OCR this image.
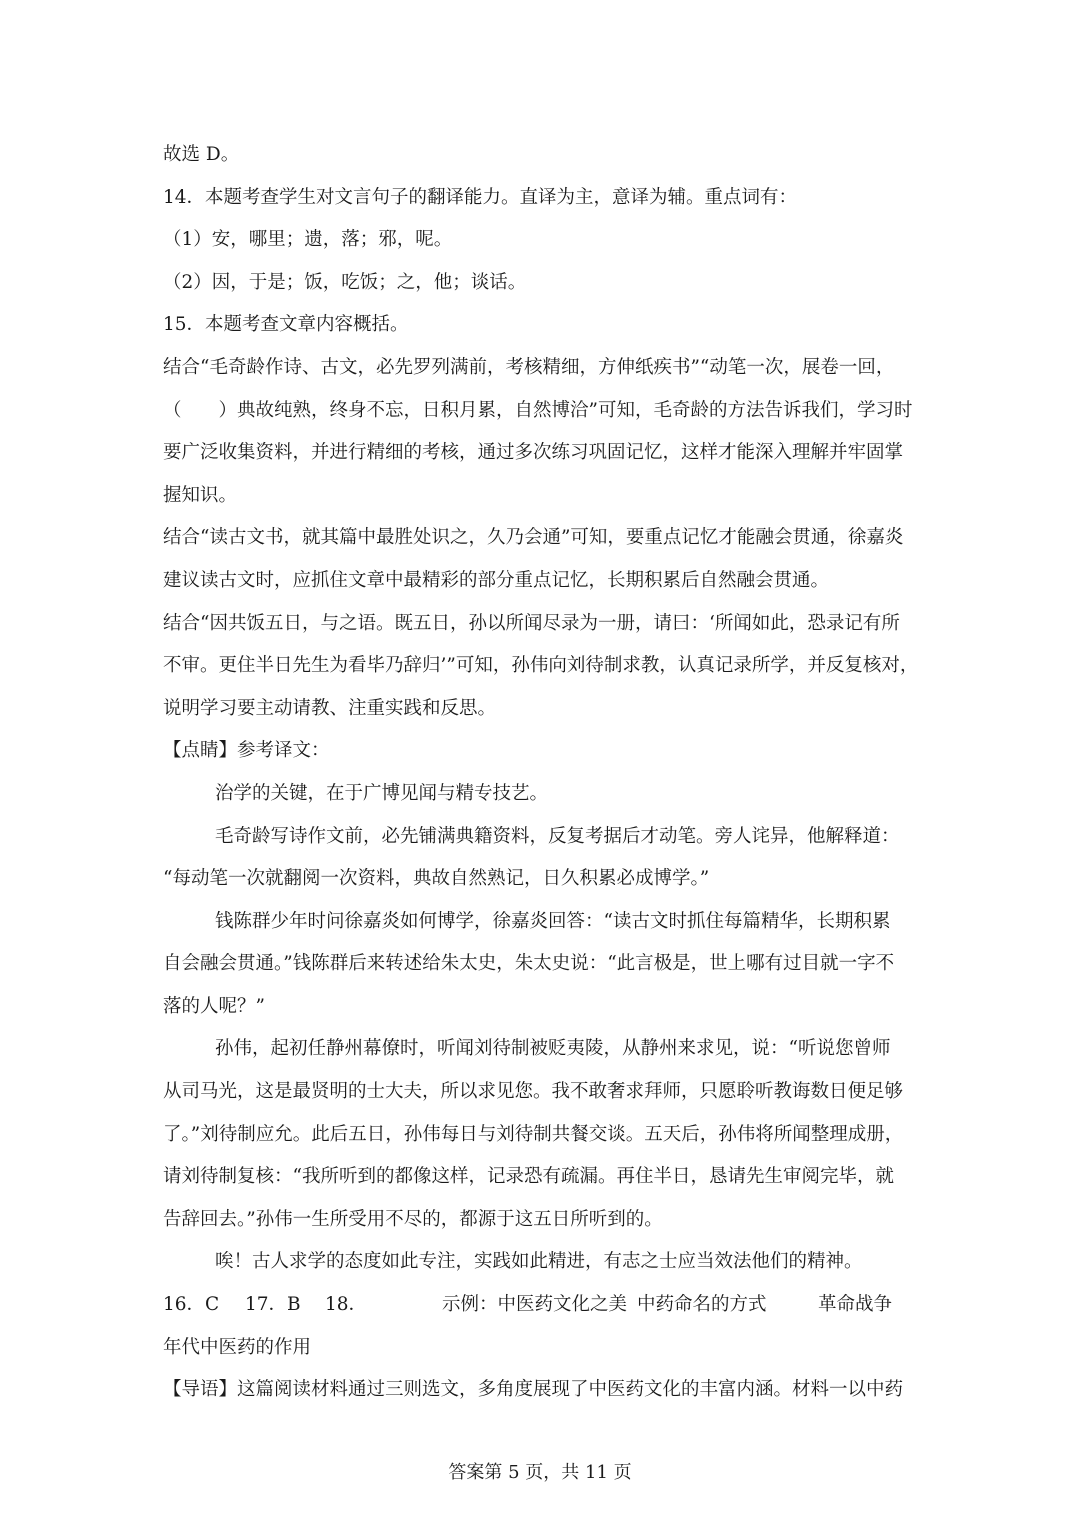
故选 D。
14．本题考查学生对文言句子的翻译能力。直译为主，意译为辅。重点词有：
（1）安，哪里；遗，落；邪，呢。
（2）因，于是；饭，吃饭；之，他；谈话。
15．本题考查文章内容概括。
结合“毛奇龄作诗、古文，必先罗列满前，考核精细，方伸纸疾书”“动笔一次，展卷一回，
（　　）典故纯熟，终身不忘，日积月累，自然博洽”可知，毛奇龄的方法告诉我们，学习时
要广泛收集资料，并进行精细的考核，通过多次练习巩固记忆，这样才能深入理解并牢固掌
握知识。
结合“读古文书，就其篇中最胜处识之，久乃会通”可知，要重点记忆才能融会贯通，徐嘉炎
建议读古文时，应抓住文章中最精彩的部分重点记忆，长期积累后自然融会贯通。
结合“因共饭五日，与之语。既五日，孙以所闻尽录为一册，请曰：‘所闻如此，恐录记有所
不审。更住半日先生为看毕乃辞归’”可知，孙伟向刘待制求教，认真记录所学，并反复核对，
说明学习要主动请教、注重实践和反思。
【点睛】参考译文：
治学的关键，在于广博见闻与精专技艺。
毛奇龄写诗作文前，必先铺满典籍资料，反复考据后才动笔。旁人诧异，他解释道：
“每动笔一次就翻阅一次资料，典故自然熟记，日久积累必成博学。”
钱陈群少年时问徐嘉炎如何博学，徐嘉炎回答：“读古文时抓住每篇精华，长期积累
自会融会贯通。”钱陈群后来转述给朱太史，朱太史说：“此言极是，世上哪有过目就一字不
落的人呢？”
孙伟，起初任静州幕僚时，听闻刘待制被贬夷陵，从静州来求见，说：“听说您曾师
从司马光，这是最贤明的士大夫，所以求见您。我不敢奢求拜师，只愿聆听教诲数日便足够
了。”刘待制应允。此后五日，孙伟每日与刘待制共餐交谈。五天后，孙伟将所闻整理成册，
请刘待制复核：“我所听到的都像这样，记录恐有疏漏。再住半日，恳请先生审阅完毕，就
告辞回去。”孙伟一生所受用不尽的，都源于这五日所听到的。
唉！古人求学的态度如此专注，实践如此精进，有志之士应当效法他们的精神。
16．C	17．B	18．	示例：中医药文化之美 中药命名的方式	革命战争
年代中医药的作用
【导语】这篇阅读材料通过三则选文，多角度展现了中医药文化的丰富内涵。材料一以中药
答案第 5 页，共 11 页
